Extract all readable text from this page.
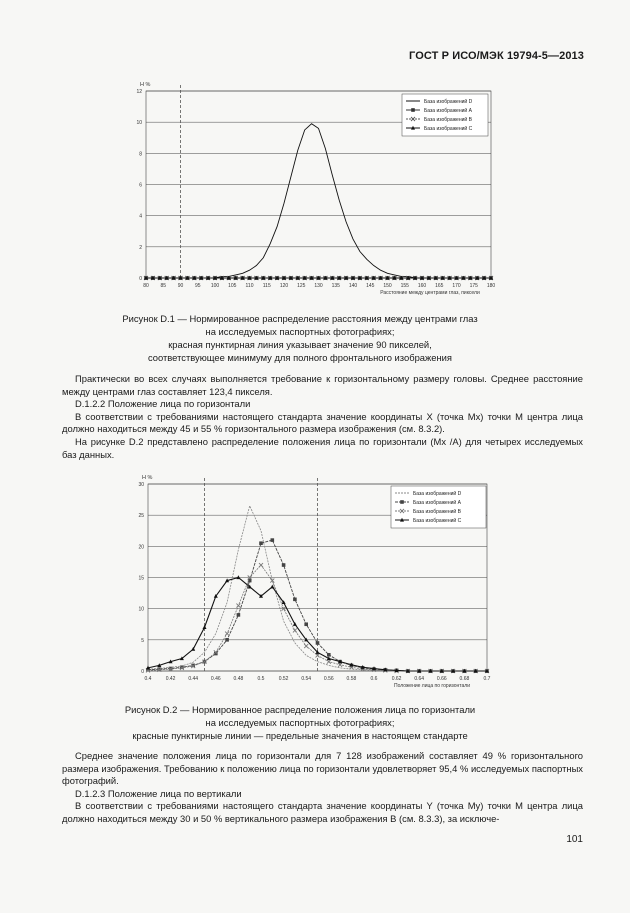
ГОСТ Р ИСО/МЭК 19794-5—2013
0
2
4
6
8
10
12
80 85 90 95 100 105 110 115 120 125 130 135 140 145 150 155 160 165 170 175 180
H %
Расстояние между центрами глаз, пиксели
База изображений D
База изображений A
База изображений B
База изображений C
Рисунок D.1 — Нормированное распределение расстояния между центрами глаз
на исследуемых паспортных фотографиях;
красная пунктирная линия указывает значение 90 пикселей,
соответствующее минимуму для полного фронтального изображения

Практически во всех случаях выполняется требование к горизонтальному размеру головы. Среднее расстояние между центрами глаз составляет 123,4 пикселя.

D.1.2.2 Положение лица по горизонтали

В соответствии с требованиями настоящего стандарта значение координаты X (точка Mx) точки M центра лица должно находиться между 45 и 55 % горизонтального размера изображения (см. 8.3.2).

На рисунке D.2 представлено распределение положения лица по горизонтали (Mx /A) для четырех исследуемых баз данных.

0
5
10
15
20
25
30
0.4	0.42	0.44	0.46	0.48	0.5	0.52	0.54	0.56	0.58	0.6	0.62	0.64	0.66	0.68	0.7
H %
Положение лица по горизонтали
База изображений D
База изображений A
База изображений B
База изображений C
Рисунок D.2 — Нормированное распределение положения лица по горизонтали
на исследуемых паспортных фотографиях;
красные пунктирные линии — предельные значения в настоящем стандарте

Среднее значение положения лица по горизонтали для 7 128 изображений составляет 49 % горизонтального размера изображения. Требованию к положению лица по горизонтали удовлетворяет 95,4 % исследуемых паспортных фотографий.

D.1.2.3 Положение лица по вертикали

В соответствии с требованиями настоящего стандарта значение координаты Y (точка My) точки M центра лица должно находиться между 30 и 50 % вертикального размера изображения B (см. 8.3.3), за исключе-

101
